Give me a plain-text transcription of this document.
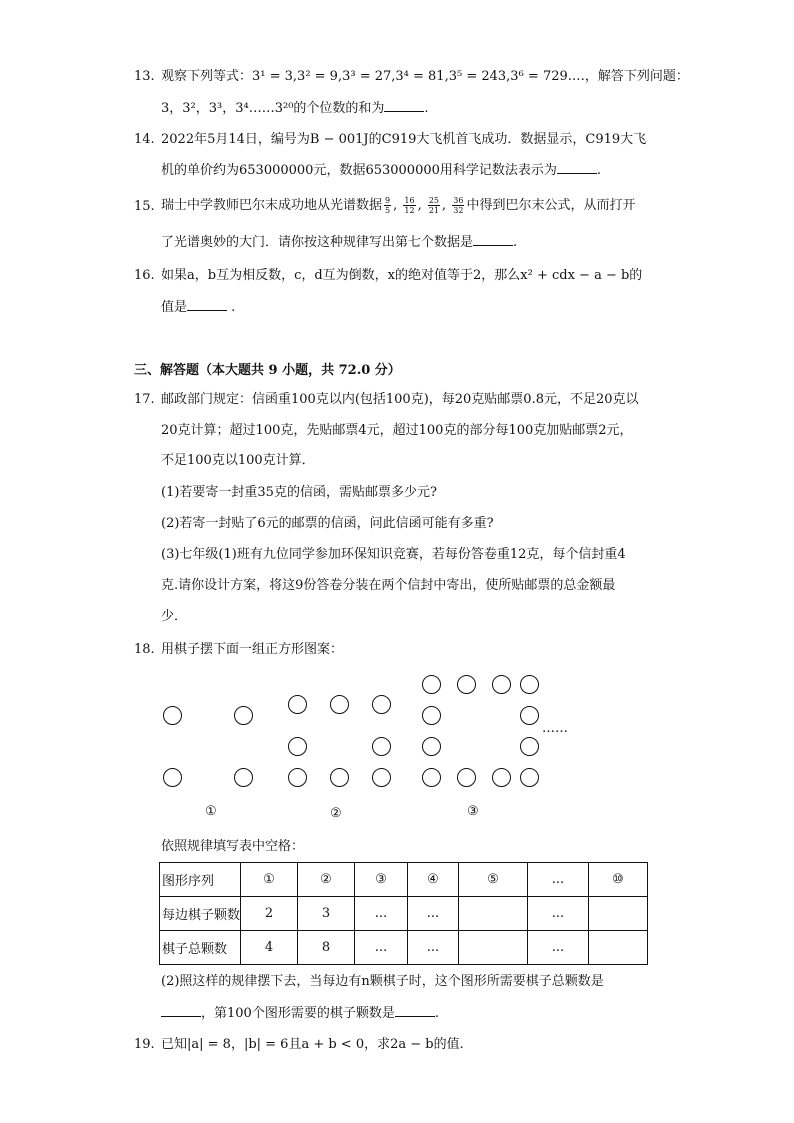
13. 观察下列等式：3¹ = 3,3² = 9,3³ = 27,3⁴ = 81,3⁵ = 243,3⁶ = 729.…，解答下列问题：
3，3²，3³，3⁴……3²⁰的个位数的和为	.
14. 2022年5月14日，编号为B − 001J的C919大飞机首飞成功．数据显示，C919大飞
机的单价约为653000000元，数据653000000用科学记数法表示为	.
15. 瑞士中学教师巴尔末成功地从光谱数据 $\frac{9}{5}$ , $\frac{16}{12}$ , $\frac{25}{21}$ , $\frac{36}{32}$ 中得到巴尔末公式，从而打开
了光谱奥妙的大门．请你按这种规律写出第七个数据是	.
16. 如果a，b互为相反数，c，d互为倒数，x的绝对值等于2，那么x² + cdx − a − b的
值是	.
三、解答题（本大题共 9 小题，共 72.0 分）
17. 邮政部门规定：信函重100克以内(包括100克)，每20克贴邮票0.8元，不足20克以
20克计算；超过100克，先贴邮票4元，超过100克的部分每100克加贴邮票2元，
不足100克以100克计算．
(1)若要寄一封重35克的信函，需贴邮票多少元?
(2)若寄一封贴了6元的邮票的信函，问此信函可能有多重?
(3)七年级(1)班有九位同学参加环保知识竞赛，若每份答卷重12克，每个信封重4
克.请你设计方案，将这9份答卷分装在两个信封中寄出，使所贴邮票的总金额最
少．
18. 用棋子摆下面一组正方形图案：
……
①	②	③
依照规律填写表中空格：
图形序列	①	②	③	④	⑤	...	⑩
每边棋子颗数	2	3	...	...		...	
棋子总颗数	4	8	...	...		...	
(2)照这样的规律摆下去，当每边有n颗棋子时，这个图形所需要棋子总颗数是
，第100个图形需要的棋子颗数是	.
19. 已知|a| = 8，|b| = 6且a + b < 0，求2a − b的值.
